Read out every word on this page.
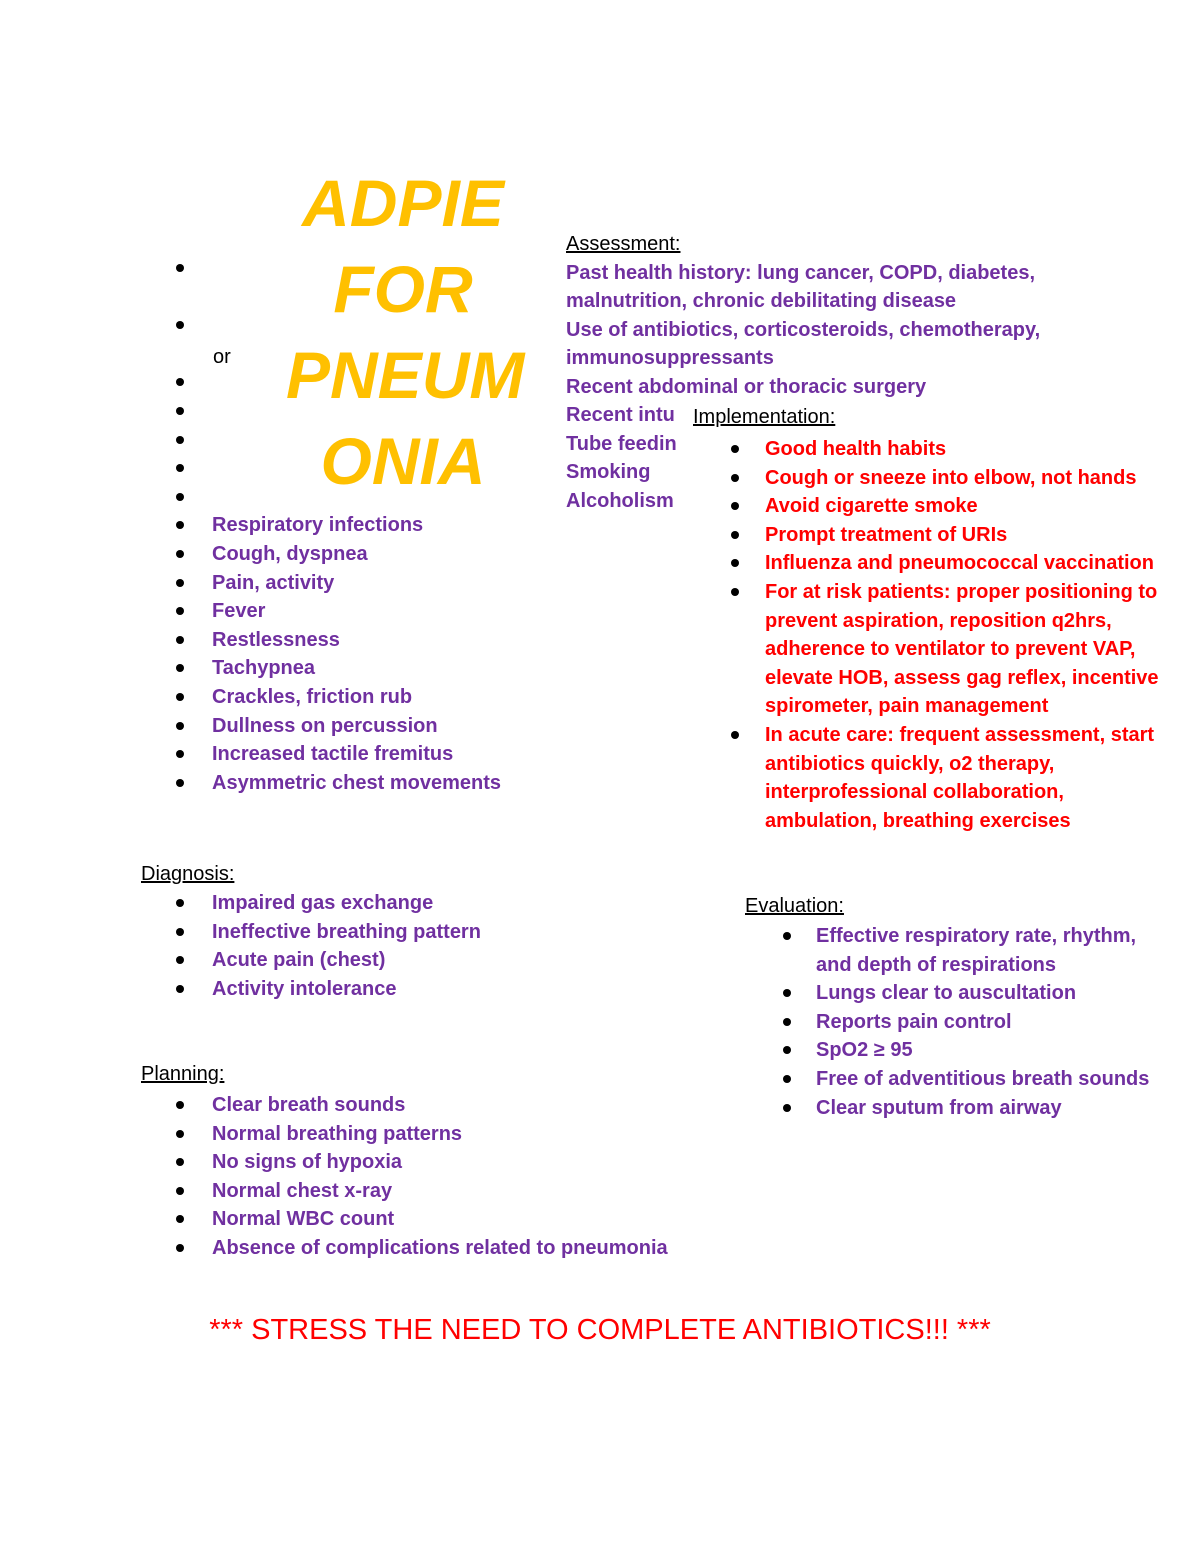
ADPIE
FOR
PNEUM
ONIA
or
Respiratory infections
Cough, dyspnea
Pain, activity
Fever
Restlessness
Tachypnea
Crackles, friction rub
Dullness on percussion
Increased tactile fremitus
Asymmetric chest movements
Assessment:
Past health history: lung cancer, COPD, diabetes,
malnutrition, chronic debilitating disease
Use of antibiotics, corticosteroids, chemotherapy,
immunosuppressants
Recent abdominal or thoracic surgery
Recent intu
Tube feedin
Smoking
Alcoholism
Implementation:
Good health habits
Cough or sneeze into elbow, not hands
Avoid cigarette smoke
Prompt treatment of URIs
Influenza and pneumococcal vaccination
For at risk patients: proper positioning to prevent aspiration, reposition q2hrs, adherence to ventilator to prevent VAP, elevate HOB, assess gag reflex, incentive spirometer, pain management
In acute care: frequent assessment, start antibiotics quickly, o2 therapy, interprofessional collaboration, ambulation, breathing exercises
Diagnosis:
Impaired gas exchange
Ineffective breathing pattern
Acute pain (chest)
Activity intolerance
Evaluation:
Effective respiratory rate, rhythm, and depth of respirations
Lungs clear to auscultation
Reports pain control
SpO2 ≥ 95
Free of adventitious breath sounds
Clear sputum from airway
Planning:
Clear breath sounds
Normal breathing patterns
No signs of hypoxia
Normal chest x-ray
Normal WBC count
Absence of complications related to pneumonia
*** STRESS THE NEED TO COMPLETE ANTIBIOTICS!!! ***
